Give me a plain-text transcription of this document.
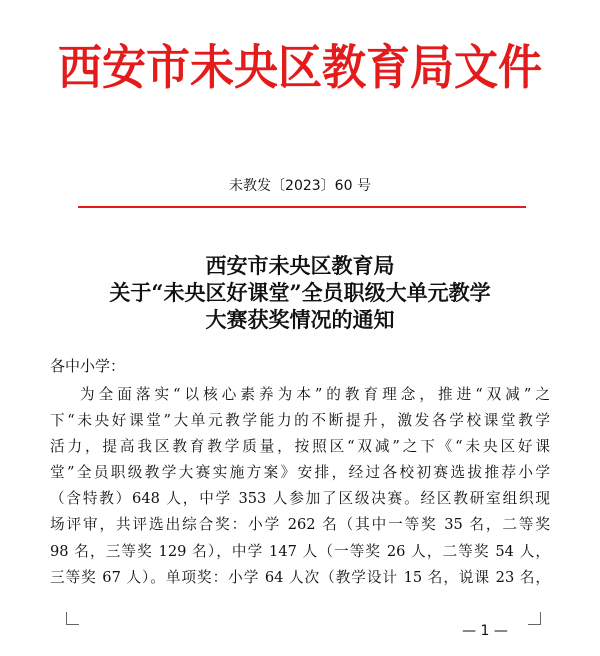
西安市未央区教育局文件
未教发〔2023〕60 号
西安市未央区教育局
关于“未央区好课堂”全员职级大单元教学
大赛获奖情况的通知
各中小学：
为全面落实“以核心素养为本”的教育理念，推进“双减”之
下“未央好课堂”大单元教学能力的不断提升，激发各学校课堂教学
活力，提高我区教育教学质量，按照区“双减”之下《“未央区好课
堂”全员职级教学大赛实施方案》安排，经过各校初赛选拔推荐小学
（含特教）648 人，中学 353 人参加了区级决赛。经区教研室组织现
场评审，共评选出综合奖：小学 262 名（其中一等奖 35 名，二等奖
98 名，三等奖 129 名），中学 147 人（一等奖 26 人，二等奖 54 人，
三等奖 67 人）。单项奖：小学 64 人次（教学设计 15 名，说课 23 名，
— 1 —
